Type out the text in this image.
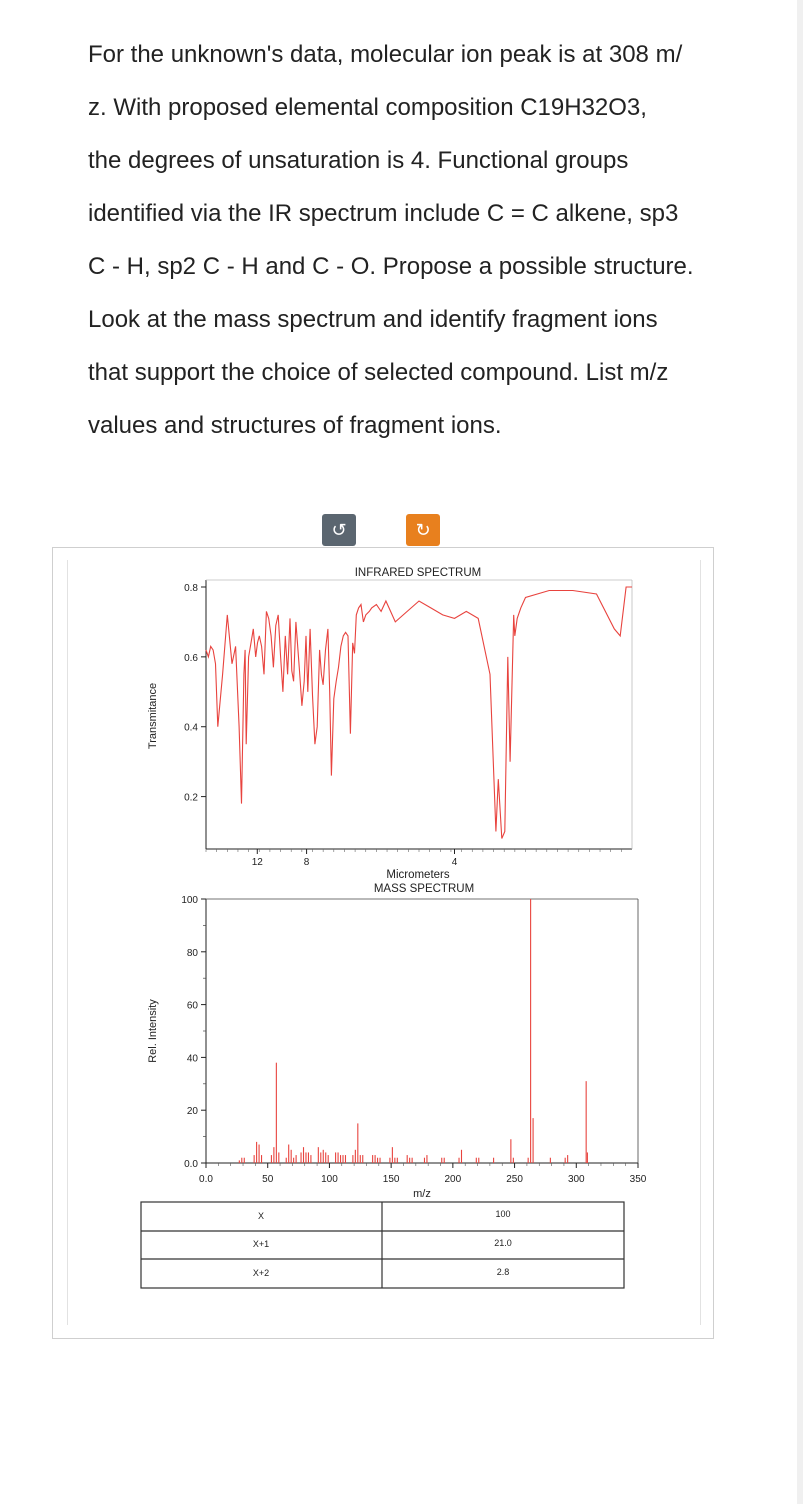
For the unknown's data, molecular ion peak is at 308 m/

z. With proposed elemental composition C19H32O3,

the degrees of unsaturation is 4. Functional groups

identified via the IR spectrum include C = C alkene, sp3

C - H, sp2 C - H and C - O. Propose a possible structure.

Look at the mass spectrum and identify fragment ions

that support the choice of selected compound. List m/z

values and structures of fragment ions.

↺	↻
INFRARED SPECTRUM
0.8
0.6
0.4
0.2
12	8	4
Micrometers
Transmitance
MASS SPECTRUM
0.0
20
40
60
80
100
0.0	50	100	150	200	250	300	350
m/z
Rel. Intensity
X	100
X+1	21.0
X+2	2.8
